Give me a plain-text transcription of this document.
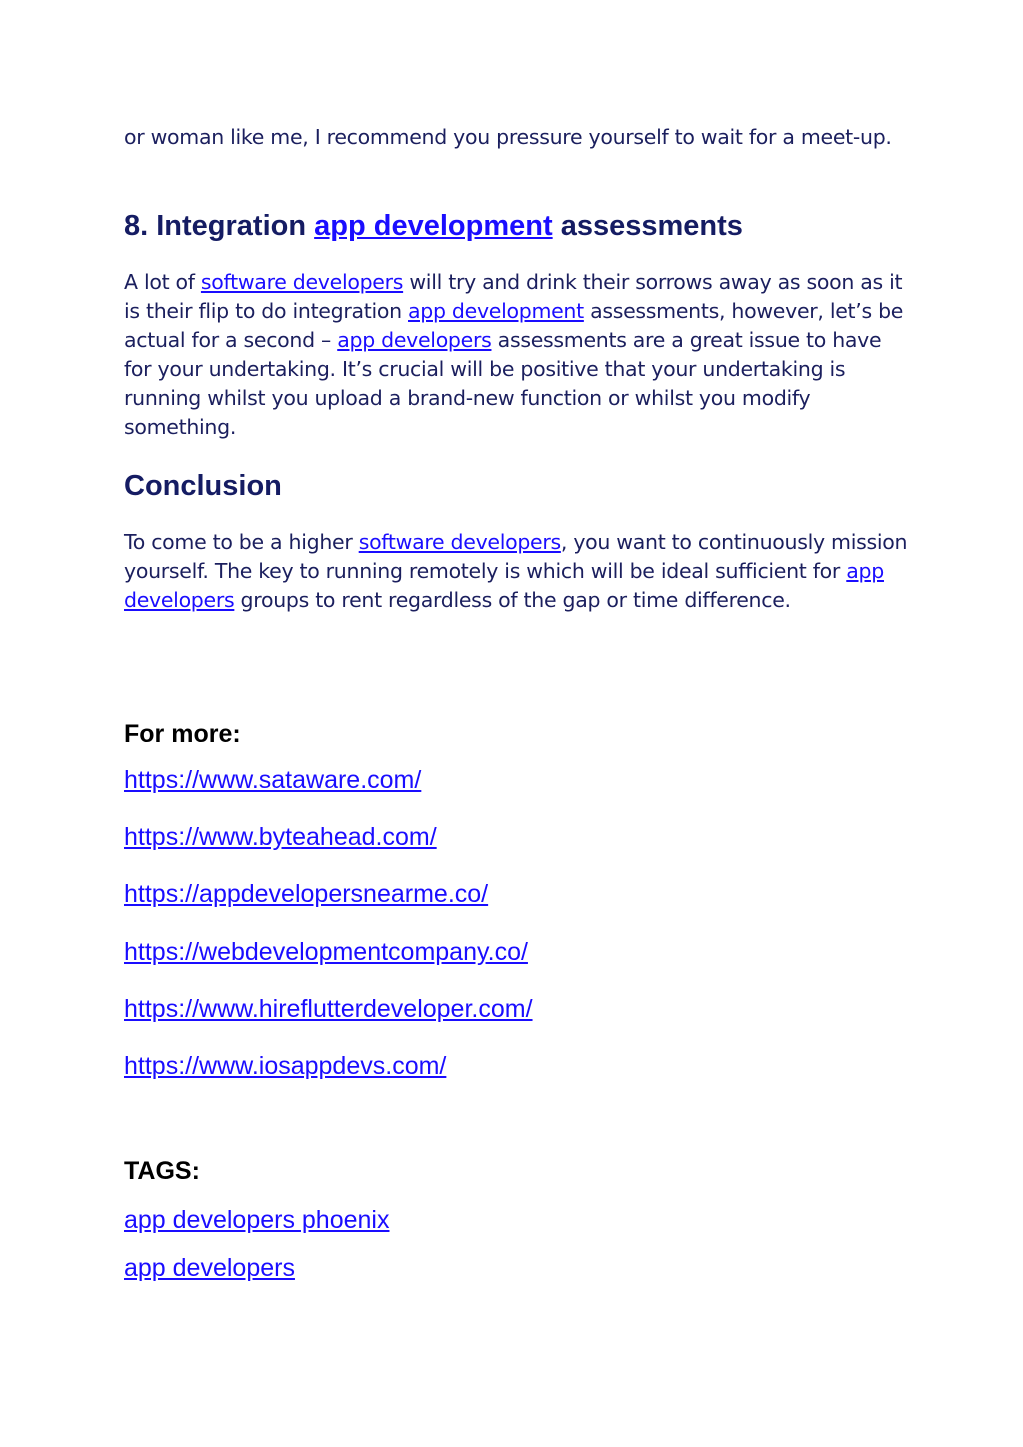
or woman like me, I recommend you pressure yourself to wait for a meet-up.

8. Integration app development assessments

A lot of software developers will try and drink their sorrows away as soon as it is their flip to do integration app development assessments, however, let’s be actual for a second – app developers assessments are a great issue to have for your undertaking. It’s crucial will be positive that your undertaking is running whilst you upload a brand-new function or whilst you modify something.

Conclusion

To come to be a higher software developers, you want to continuously mission yourself. The key to running remotely is which will be ideal sufficient for app developers groups to rent regardless of the gap or time difference.

For more:

https://www.sataware.com/
https://www.byteahead.com/
https://appdevelopersnearme.co/
https://webdevelopmentcompany.co/
https://www.hireflutterdeveloper.com/
https://www.iosappdevs.com/

TAGS:

app developers phoenix
app developers
